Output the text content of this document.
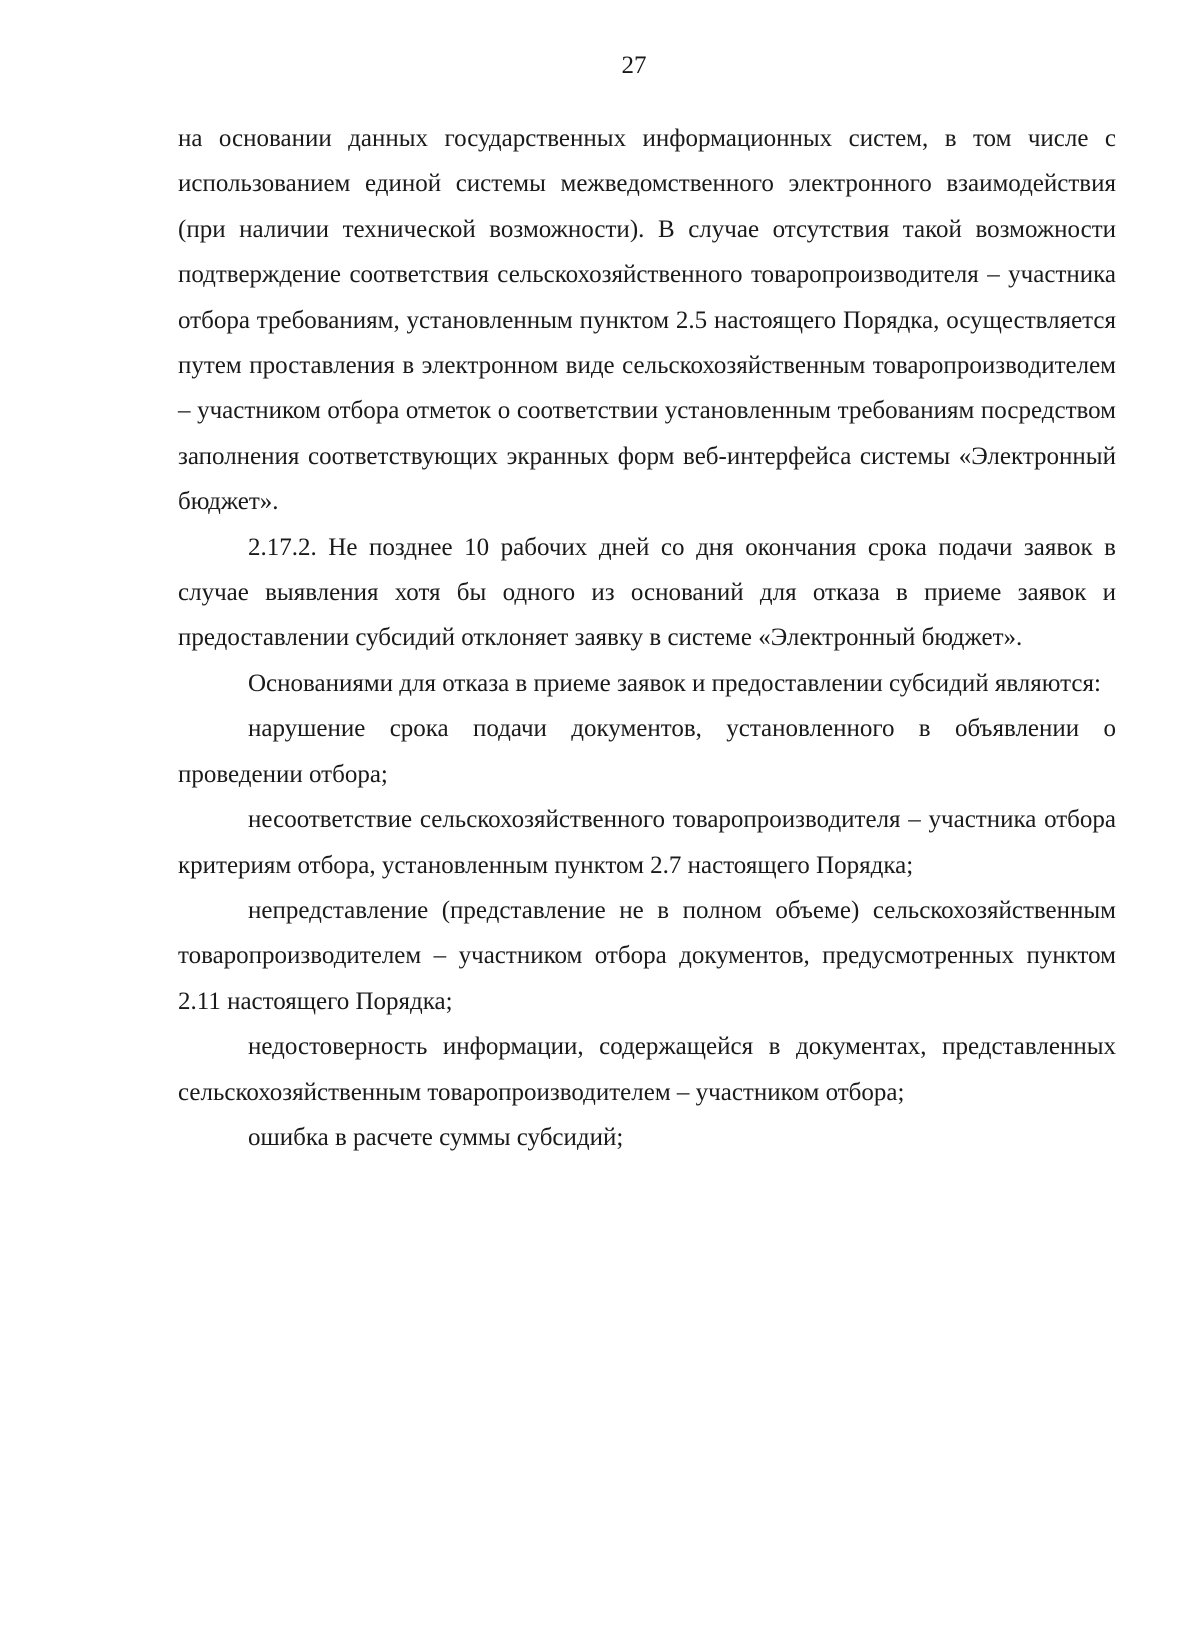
27

на основании данных государственных информационных систем, в том числе с использованием единой системы межведомственного электронного взаимодействия (при наличии технической возможности). В случае отсутствия такой возможности подтверждение соответствия сельскохозяйственного товаропроизводителя – участника отбора требованиям, установленным пунктом 2.5 настоящего Порядка, осуществляется путем проставления в электронном виде сельскохозяйственным товаропроизводителем – участником отбора отметок о соответствии установленным требованиям посредством заполнения соответствующих экранных форм веб-интерфейса системы «Электронный бюджет».

2.17.2. Не позднее 10 рабочих дней со дня окончания срока подачи заявок в случае выявления хотя бы одного из оснований для отказа в приеме заявок и предоставлении субсидий отклоняет заявку в системе «Электронный бюджет».

Основаниями для отказа в приеме заявок и предоставлении субсидий являются:

нарушение срока подачи документов, установленного в объявлении о проведении отбора;

несоответствие сельскохозяйственного товаропроизводителя – участника отбора критериям отбора, установленным пунктом 2.7 настоящего Порядка;

непредставление (представление не в полном объеме) сельскохозяйственным товаропроизводителем – участником отбора документов, предусмотренных пунктом 2.11 настоящего Порядка;

недостоверность информации, содержащейся в документах, представленных сельскохозяйственным товаропроизводителем – участником отбора;

ошибка в расчете суммы субсидий;
